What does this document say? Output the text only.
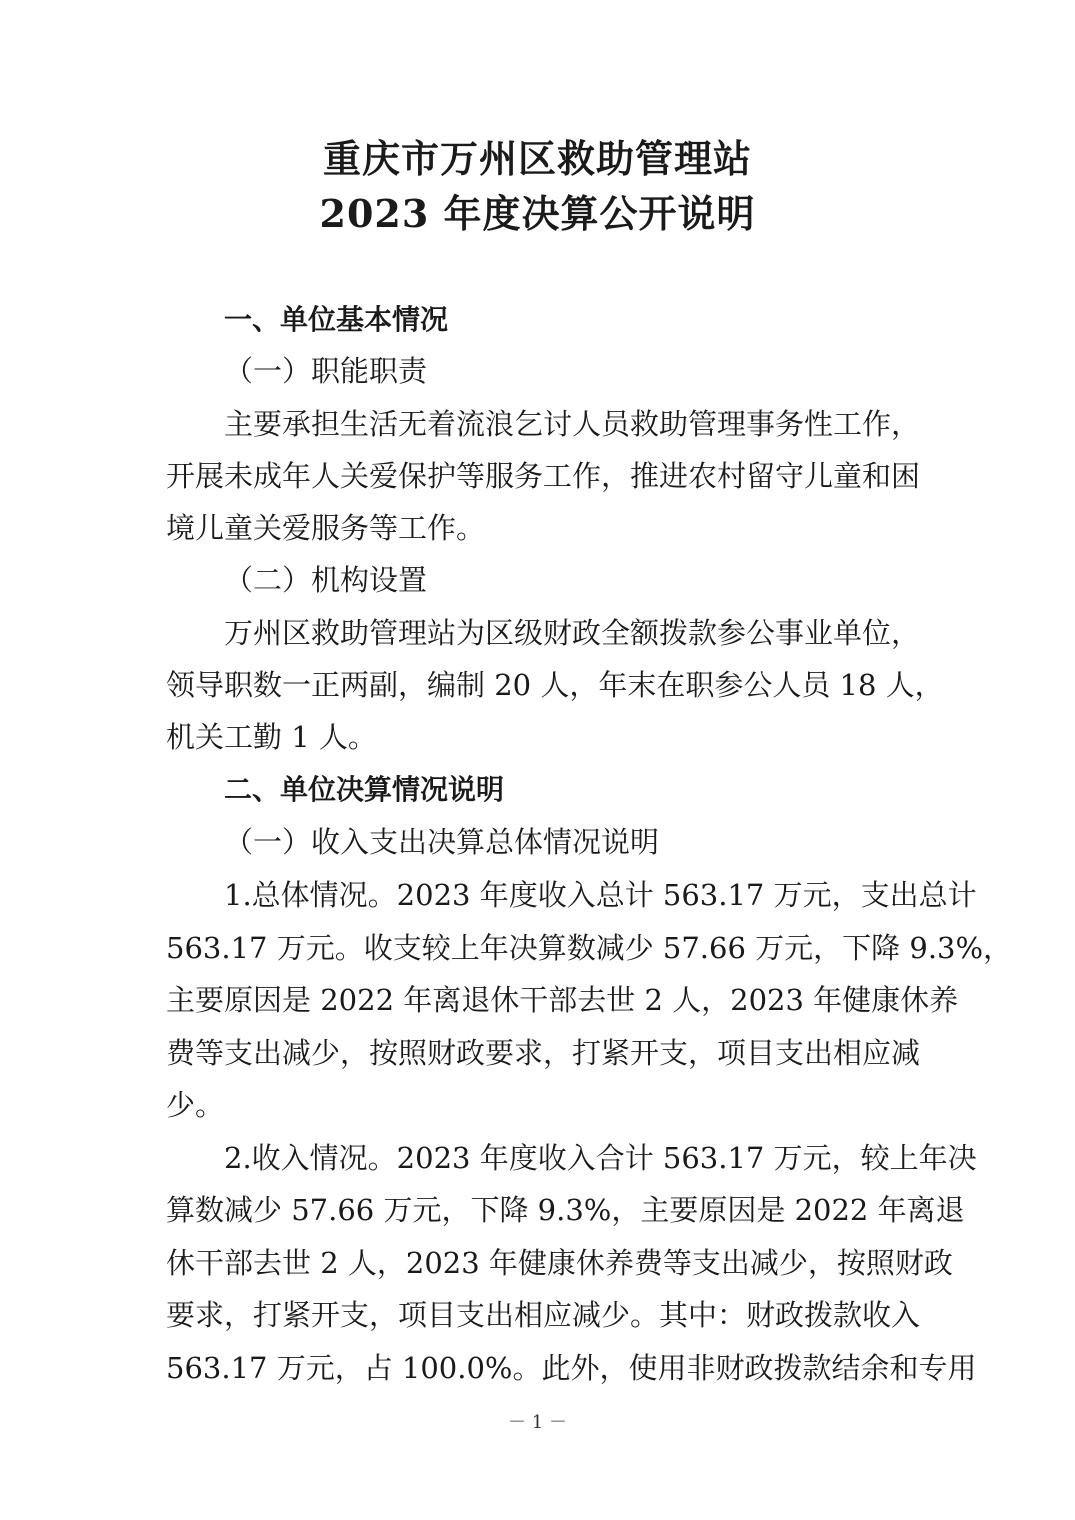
重庆市万州区救助管理站
2023 年度决算公开说明
一、单位基本情况
（一）职能职责
主要承担生活无着流浪乞讨人员救助管理事务性工作，
开展未成年人关爱保护等服务工作，推进农村留守儿童和困
境儿童关爱服务等工作。
（二）机构设置
万州区救助管理站为区级财政全额拨款参公事业单位，
领导职数一正两副，编制 20 人，年末在职参公人员 18 人，
机关工勤 1 人。
二、单位决算情况说明
（一）收入支出决算总体情况说明
1.总体情况。2023 年度收入总计 563.17 万元，支出总计
563.17 万元。收支较上年决算数减少 57.66 万元，下降 9.3%，
主要原因是 2022 年离退休干部去世 2 人，2023 年健康休养
费等支出减少，按照财政要求，打紧开支，项目支出相应减
少。
2.收入情况。2023 年度收入合计 563.17 万元，较上年决
算数减少 57.66 万元，下降 9.3%，主要原因是 2022 年离退
休干部去世 2 人，2023 年健康休养费等支出减少，按照财政
要求，打紧开支，项目支出相应减少。其中：财政拨款收入
563.17 万元，占 100.0%。此外，使用非财政拨款结余和专用
－ 1 －
